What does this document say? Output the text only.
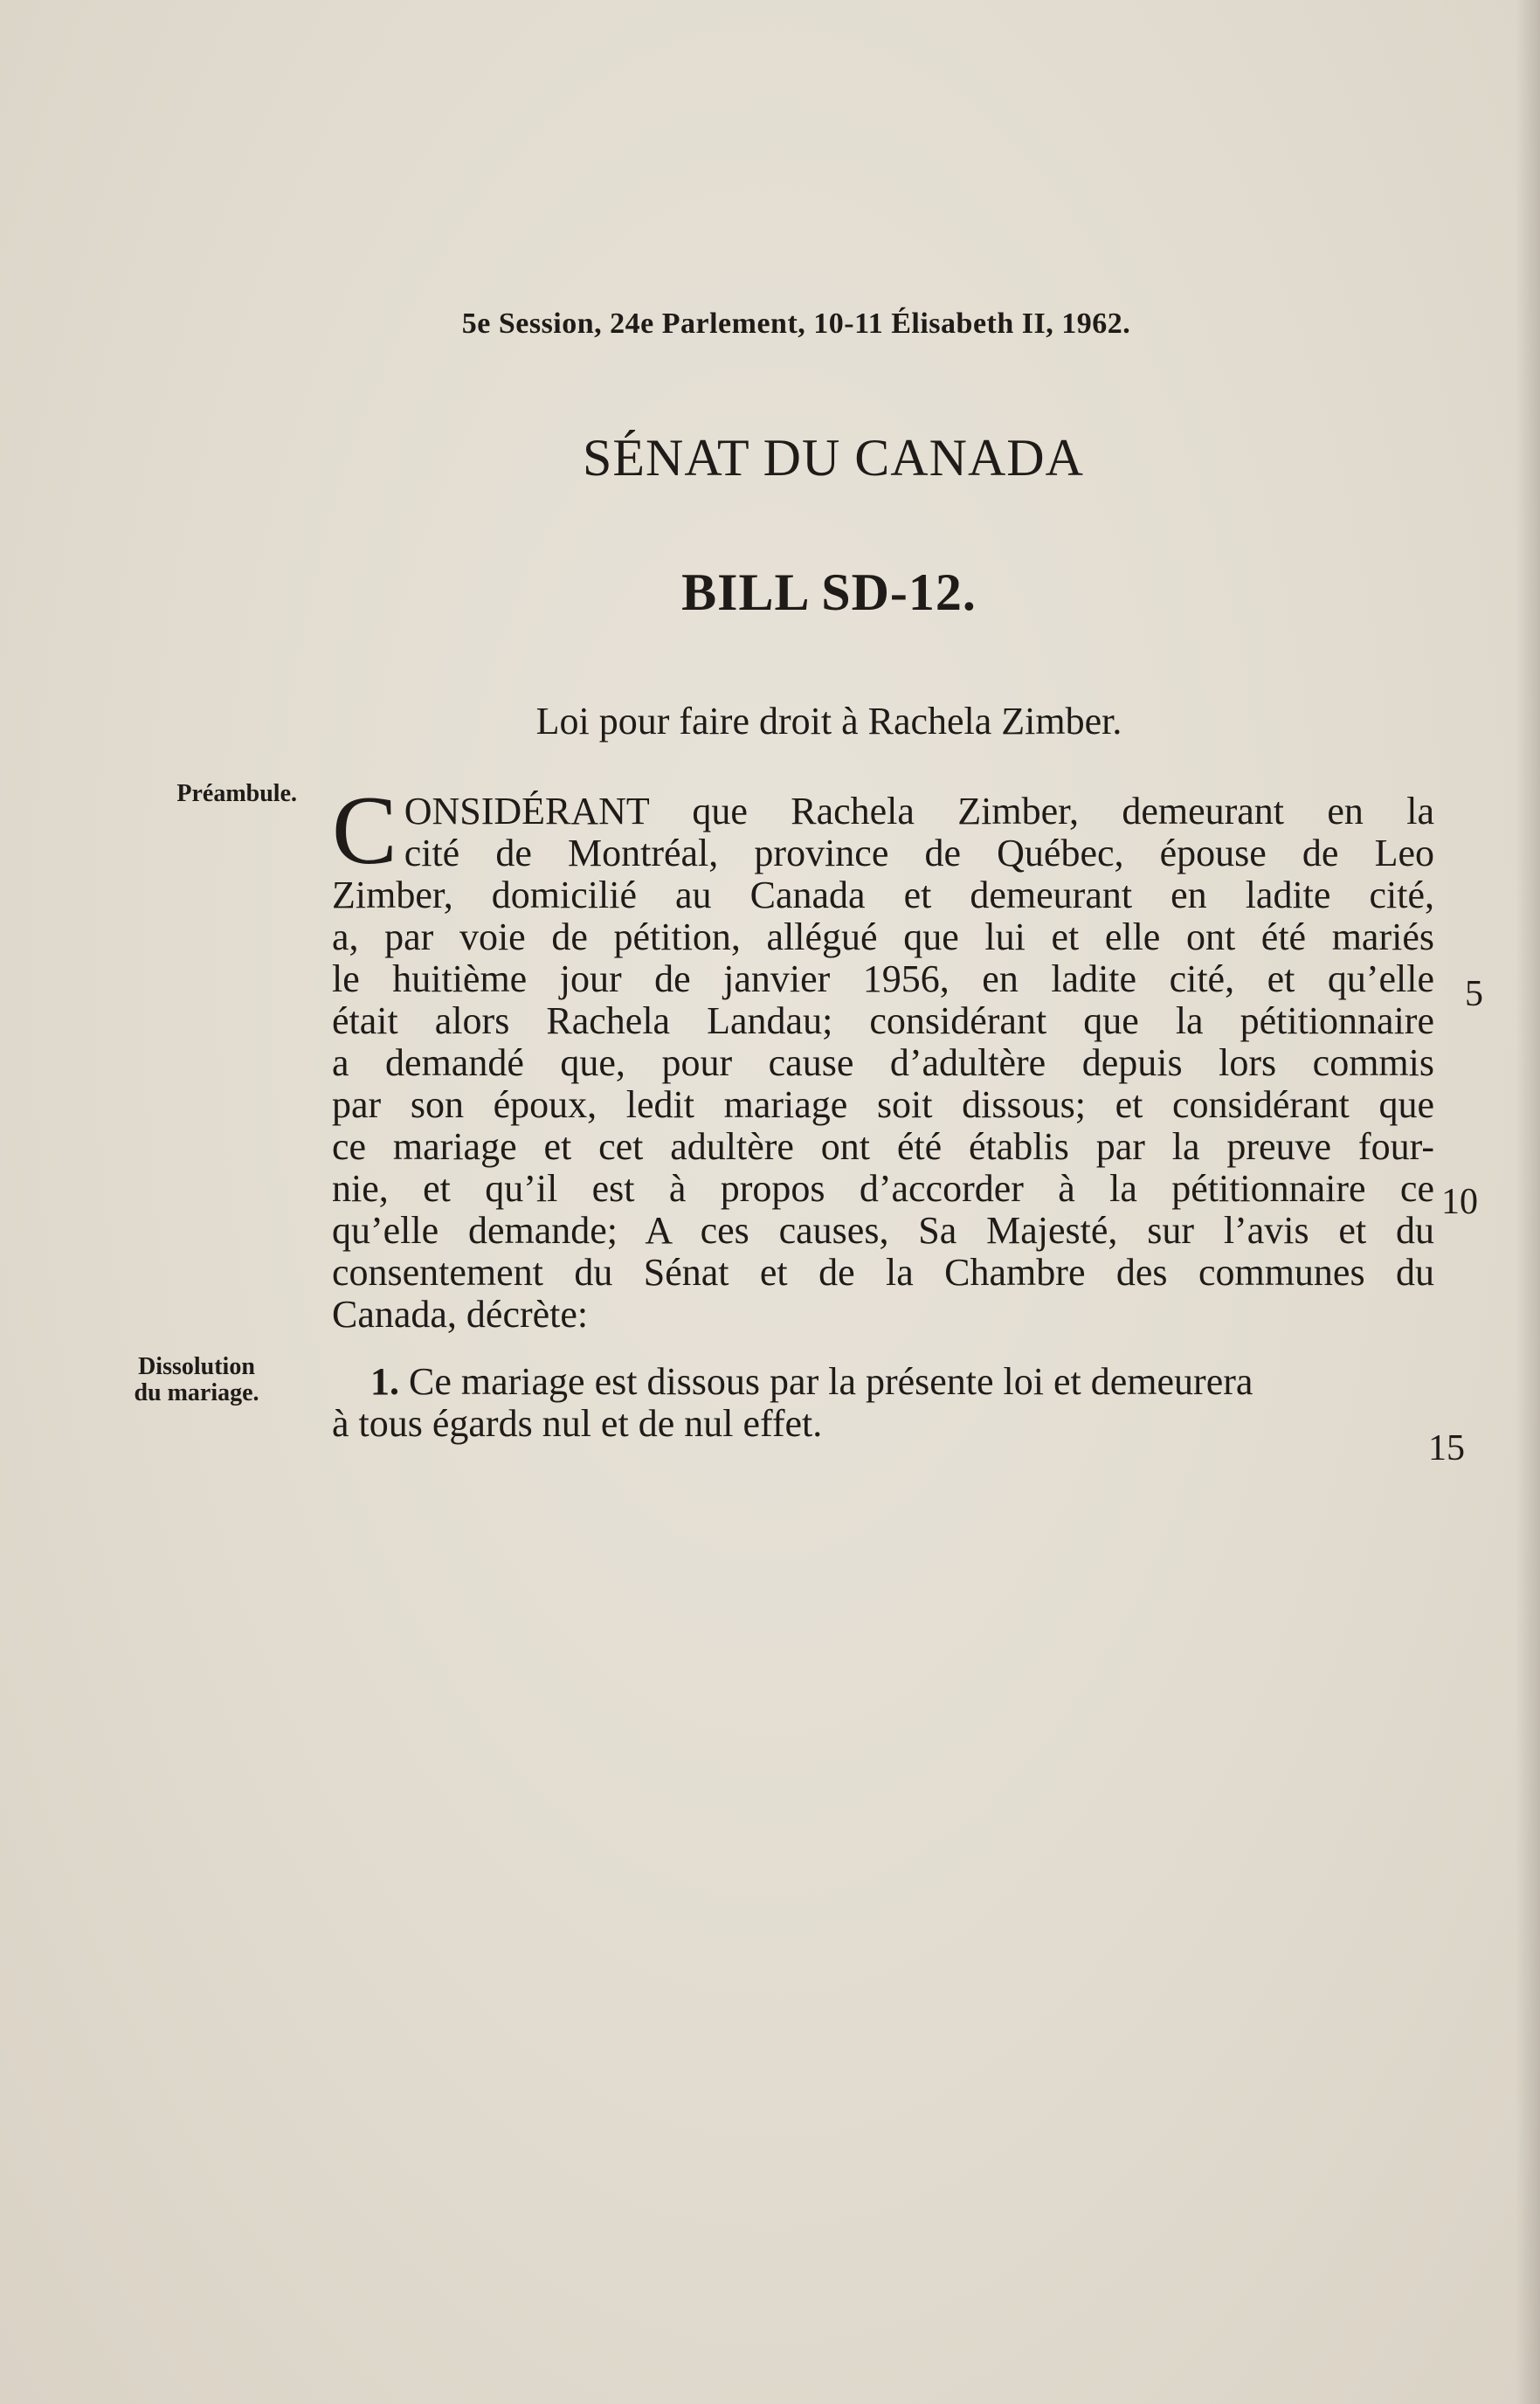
5e Session, 24e Parlement, 10-11 Élisabeth II, 1962.
SÉNAT DU CANADA
BILL SD-12.
Loi pour faire droit à Rachela Zimber.
Préambule. C ONSIDÉRANT que Rachela Zimber, demeurant en la
cité de Montréal, province de Québec, épouse de Leo
Zimber, domicilié au Canada et demeurant en ladite cité,
a, par voie de pétition, allégué que lui et elle ont été mariés
le huitième jour de janvier 1956, en ladite cité, et qu’elle
était alors Rachela Landau; considérant que la pétitionnaire
a demandé que, pour cause d’adultère depuis lors commis
par son époux, ledit mariage soit dissous; et considérant que
ce mariage et cet adultère ont été établis par la preuve four-
nie, et qu’il est à propos d’accorder à la pétitionnaire ce
qu’elle demande; A ces causes, Sa Majesté, sur l’avis et du
consentement du Sénat et de la Chambre des communes du
Canada, décrète:
Dissolution
du mariage.	1. Ce mariage est dissous par la présente loi et demeurera
à tous égards nul et de nul effet.
5
10
15
